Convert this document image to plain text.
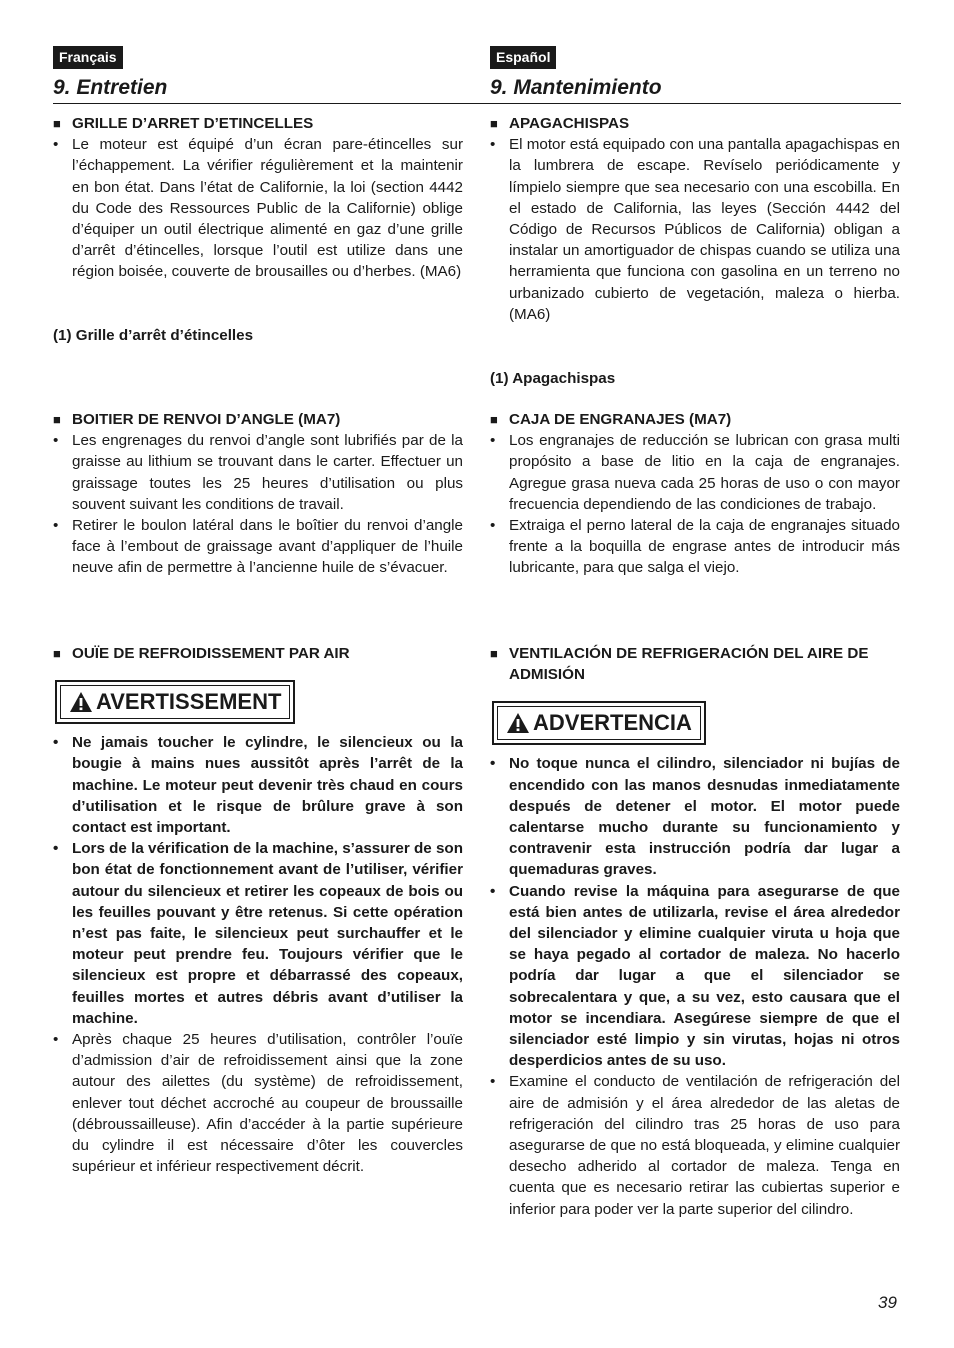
Français
9. Entretien
■ GRILLE D’ARRET D’ETINCELLES
• Le moteur est équipé d’un écran pare-étincelles sur l’échappement. La vérifier régulièrement et la maintenir en bon état. Dans l’état de Californie, la loi (section 4442 du Code des Ressources Public de la Californie) oblige d’équiper un outil électrique alimenté en gaz d’une grille d’arrêt d’étincelles, lorsque l’outil est utilize dans une région boisée, couverte de brousailles ou d’herbes. (MA6)
(1) Grille d’arrêt d’étincelles
■ BOITIER DE RENVOI D’ANGLE (MA7)
• Les engrenages du renvoi d’angle sont lubrifiés par de la graisse au lithium se trouvant dans le carter. Effectuer un graissage toutes les 25 heures d’utilisation ou plus souvent suivant les conditions de travail.
• Retirer le boulon latéral dans le boîtier du renvoi d’angle face à l’embout de graissage avant d’appliquer de l’huile neuve afin de permettre à l’ancienne huile de s’évacuer.
■ OUÏE DE REFROIDISSEMENT PAR AIR
AVERTISSEMENT
• Ne jamais toucher le cylindre, le silencieux ou la bougie à mains nues aussitôt après l’arrêt de la machine. Le moteur peut devenir très chaud en cours d’utilisation et le risque de brûlure grave à son contact est important.
• Lors de la vérification de la machine, s’assurer de son bon état de fonctionnement avant de l’utiliser, vérifier autour du silencieux et retirer les copeaux de bois ou les feuilles pouvant y être retenus. Si cette opération n’est pas faite, le silencieux peut surchauffer et le moteur peut prendre feu. Toujours vérifier que le silencieux est propre et débarrassé des copeaux, feuilles mortes et autres débris avant d’utiliser la machine.
• Après chaque 25 heures d’utilisation, contrôler l’ouïe d’admission d’air de refroidissement ainsi que la zone autour des ailettes (du système) de refroidissement, enlever tout déchet accroché au coupeur de broussaille (débroussailleuse). Afin d’accéder à la partie supérieure du cylindre il est nécessaire d’ôter les couvercles supérieur et inférieur respectivement décrit.
Español
9. Mantenimiento
■ APAGACHISPAS
• El motor está equipado con una pantalla apagachispas en la lumbrera de escape. Revíselo periódicamente y límpielo siempre que sea necesario con una escobilla. En el estado de California, las leyes (Sección 4442 del Código de Recursos Públicos de California) obligan a instalar un amortiguador de chispas cuando se utiliza una herramienta que funciona con gasolina en un terreno no urbanizado cubierto de vegetación, maleza o hierba. (MA6)
(1) Apagachispas
■ CAJA DE ENGRANAJES (MA7)
• Los engranajes de reducción se lubrican con grasa multi propósito a base de litio en la caja de engranajes. Agregue grasa nueva cada 25 horas de uso o con mayor frecuencia dependiendo de las condiciones de trabajo.
• Extraiga el perno lateral de la caja de engranajes situado frente a la boquilla de engrase antes de introducir más lubricante, para que salga el viejo.
■ VENTILACIÓN DE REFRIGERACIÓN DEL AIRE DE ADMISIÓN
ADVERTENCIA
• No toque nunca el cilindro, silenciador ni bujías de encendido con las manos desnudas inmediatamente después de detener el motor. El motor puede calentarse mucho durante su funcionamiento y contravenir esta instrucción podría dar lugar a quemaduras graves.
• Cuando revise la máquina para asegurarse de que está bien antes de utilizarla, revise el área alrededor del silenciador y elimine cualquier viruta u hoja que se haya pegado al cortador de maleza. No hacerlo podría dar lugar a que el silenciador se sobrecalentara y que, a su vez, esto causara que el motor se incendiara. Asegúrese siempre de que el silenciador esté limpio y sin virutas, hojas ni otros desperdicios antes de su uso.
• Examine el conducto de ventilación de refrigeración del aire de admisión y el área alrededor de las aletas de refrigeración del cilindro tras 25 horas de uso para asegurarse de que no está bloqueada, y elimine cualquier desecho adherido al cortador de maleza. Tenga en cuenta que es necesario retirar las cubiertas superior e inferior para poder ver la parte superior del cilindro.
39
